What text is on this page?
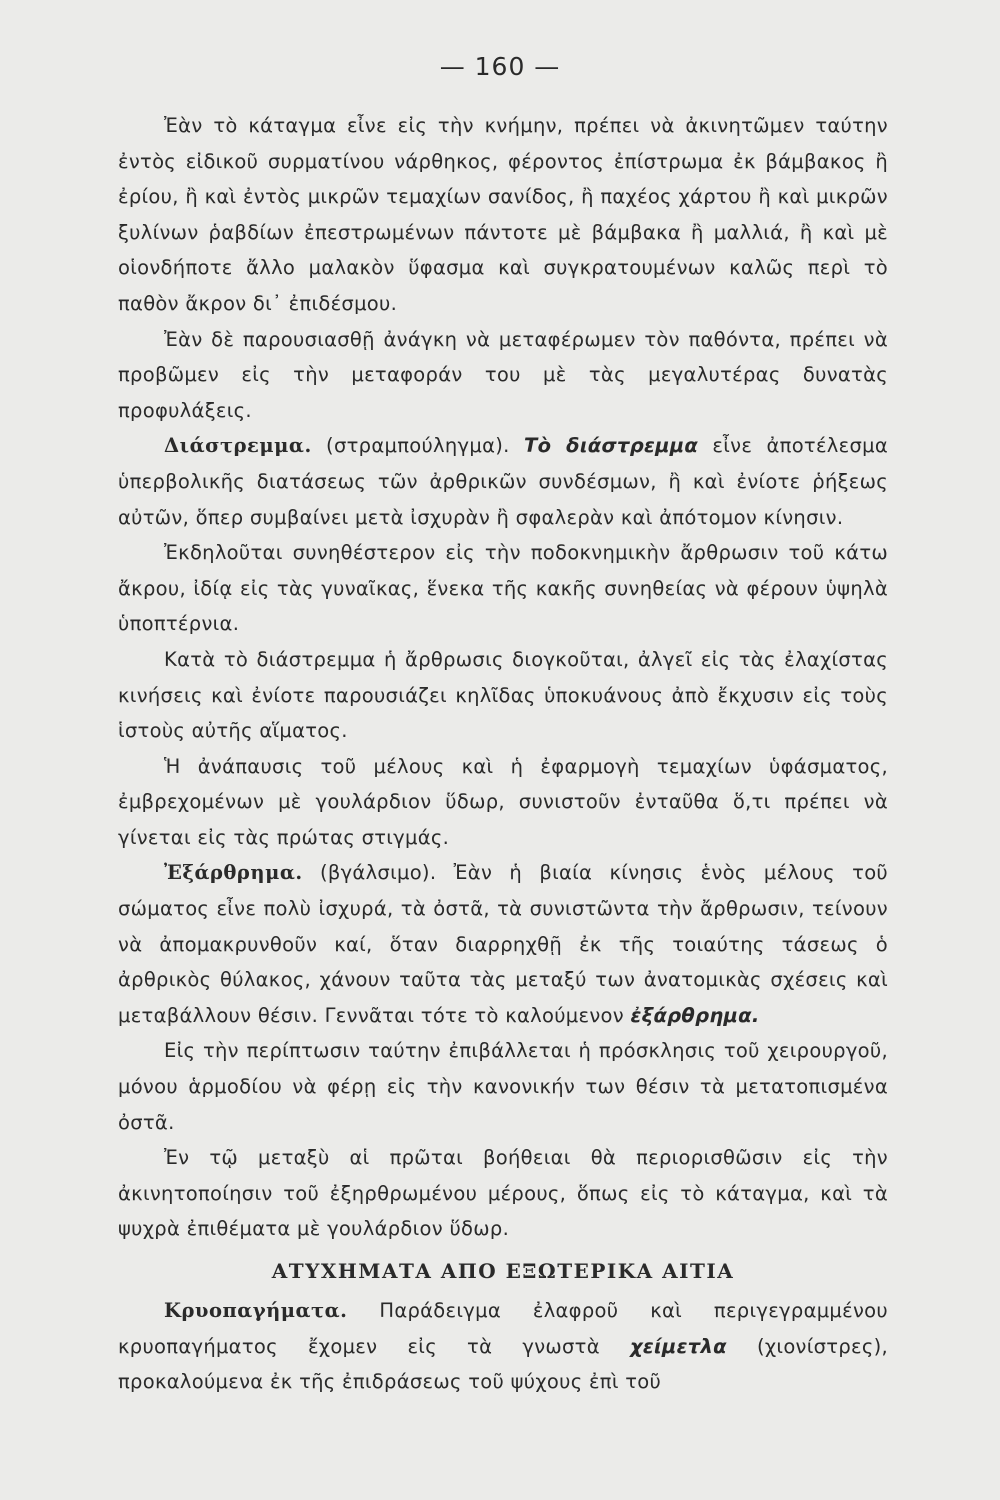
— 160 —

Ἐὰν τὸ κάταγμα εἶνε εἰς τὴν κνήμην, πρέπει νὰ ἀκινητῶμεν ταύτην ἐντὸς εἰδικοῦ συρματίνου νάρθηκος, φέροντος ἐπίστρωμα ἐκ βάμβακος ἢ ἐρίου, ἢ καὶ ἐντὸς μικρῶν τεμαχίων σανίδος, ἢ παχέος χάρτου ἢ καὶ μικρῶν ξυλίνων ῥαβδίων ἐπεστρωμένων πάντοτε μὲ βάμβακα ἢ μαλλιά, ἢ καὶ μὲ οἱονδήποτε ἄλλο μαλακὸν ὕφασμα καὶ συγκρατουμένων καλῶς περὶ τὸ παθὸν ἄκρον δι᾿ ἐπιδέσμου.

Ἐὰν δὲ παρουσιασθῇ ἀνάγκη νὰ μεταφέρωμεν τὸν παθόντα, πρέπει νὰ προβῶμεν εἰς τὴν μεταφοράν του μὲ τὰς μεγαλυτέρας δυνατὰς προφυλάξεις.

Διάστρεμμα. (στραμπούληγμα). Τὸ διάστρεμμα εἶνε ἀποτέλεσμα ὑπερβολικῆς διατάσεως τῶν ἀρθρικῶν συνδέσμων, ἢ καὶ ἐνίοτε ῥήξεως αὐτῶν, ὅπερ συμβαίνει μετὰ ἰσχυρὰν ἢ σφαλερὰν καὶ ἀπότομον κίνησιν.

Ἐκδηλοῦται συνηθέστερον εἰς τὴν ποδοκνημικὴν ἄρθρωσιν τοῦ κάτω ἄκρου, ἰδίᾳ εἰς τὰς γυναῖκας, ἕνεκα τῆς κακῆς συνηθείας νὰ φέρουν ὑψηλὰ ὑποπτέρνια.

Κατὰ τὸ διάστρεμμα ἡ ἄρθρωσις διογκοῦται, ἀλγεῖ εἰς τὰς ἐλαχίστας κινήσεις καὶ ἐνίοτε παρουσιάζει κηλῖδας ὑποκυάνους ἀπὸ ἔκχυσιν εἰς τοὺς ἱστοὺς αὐτῆς αἵματος.

Ἡ ἀνάπαυσις τοῦ μέλους καὶ ἡ ἐφαρμογὴ τεμαχίων ὑφάσματος, ἐμβρεχομένων μὲ γουλάρδιον ὕδωρ, συνιστοῦν ἐνταῦθα ὅ,τι πρέπει νὰ γίνεται εἰς τὰς πρώτας στιγμάς.

Ἐξάρθρημα. (βγάλσιμο). Ἐὰν ἡ βιαία κίνησις ἑνὸς μέλους τοῦ σώματος εἶνε πολὺ ἰσχυρά, τὰ ὀστᾶ, τὰ συνιστῶντα τὴν ἄρθρωσιν, τείνουν νὰ ἀπομακρυνθοῦν καί, ὅταν διαρρηχθῇ ἐκ τῆς τοιαύτης τάσεως ὁ ἀρθρικὸς θύλακος, χάνουν ταῦτα τὰς μεταξύ των ἀνατομικὰς σχέσεις καὶ μεταβάλλουν θέσιν. Γεννᾶται τότε τὸ καλούμενον ἐξάρθρημα.

Εἰς τὴν περίπτωσιν ταύτην ἐπιβάλλεται ἡ πρόσκλησις τοῦ χειρουργοῦ, μόνου ἁρμοδίου νὰ φέρῃ εἰς τὴν κανονικήν των θέσιν τὰ μετατοπισμένα ὀστᾶ.

Ἐν τῷ μεταξὺ αἱ πρῶται βοήθειαι θὰ περιορισθῶσιν εἰς τὴν ἀκινητοποίησιν τοῦ ἐξηρθρωμένου μέρους, ὅπως εἰς τὸ κάταγμα, καὶ τὰ ψυχρὰ ἐπιθέματα μὲ γουλάρδιον ὕδωρ.

ΑΤΥΧΗΜΑΤΑ ΑΠΟ ΕΞΩΤΕΡΙΚΑ ΑΙΤΙΑ

Κρυοπαγήματα. Παράδειγμα ἐλαφροῦ καὶ περιγεγραμμένου κρυοπαγήματος ἔχομεν εἰς τὰ γνωστὰ χείμετλα (χιονίστρες), προκαλούμενα ἐκ τῆς ἐπιδράσεως τοῦ ψύχους ἐπὶ τοῦ
